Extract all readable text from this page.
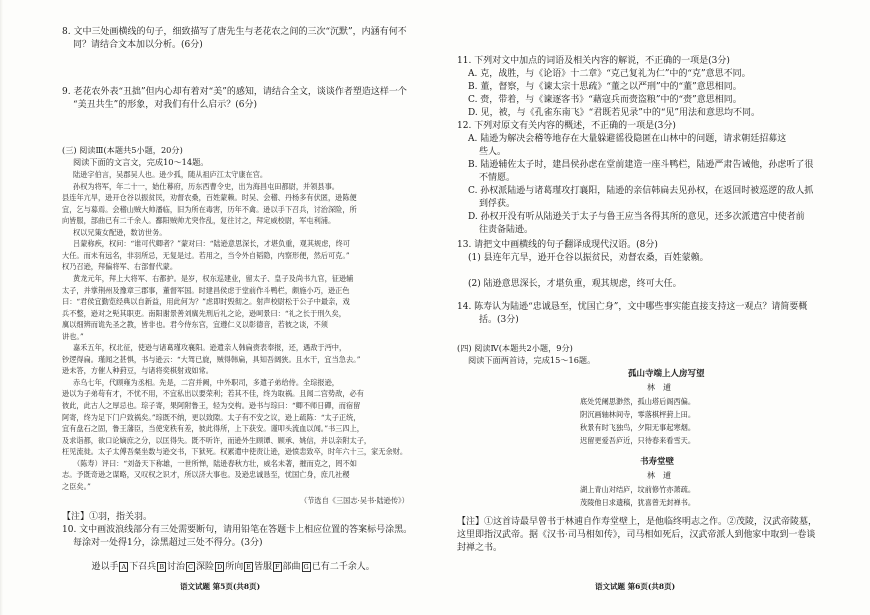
8. 文中三处画横线的句子，细致描写了唐先生与老花农之间的三次“沉默”，内涵有何不
同？请结合文本加以分析。(6分)
9. 老花农外表“丑拙”但内心却有着对“美”的感知，请结合全文，谈谈作者塑造这样一个
“美丑共生”的形象，对我们有什么启示？(6分)
(三) 阅读Ⅲ(本题共5小题，20分)
阅读下面的文言文，完成10～14题。
陆逊字伯言，吴郡吴人也。逊少孤，随从祖庐江太守康在官。
孙权为将军，年二十一，始仕幕府，历东西曹令史，出为海昌屯田都尉，并领县事。
县连年亢旱，逊开仓谷以振贫民，劝督农桑，百姓蒙赖。时吴、会稽、丹杨多有伏匿，逊陈便
宜，乞与募焉。会稽山贼大帅潘临，旧为所在毒害，历年不禽。逊以手下召兵，讨治深险，所
向皆服，部曲已有二千余人。鄱阳贼帅尤突作乱，复往讨之，拜定威校尉，军屯利浦。
权以兄策女配逊，数访世务。
吕蒙称疾，权问：“谁可代卿者？”蒙对曰：“陆逊意思深长，才堪负重，观其规虑，终可
大任。而未有远名，非羽所忌，无复是过。若用之，当令外自韬隐，内察形便，然后可克。”
权乃召逊，拜偏将军、右部督代蒙。
黄龙元年，拜上大将军、右都护。是岁，权东巡建业，留太子、皇子及尚书九官，征逊辅
太子，并掌荆州及豫章三郡事，董督军国。时建昌侯虑于堂前作斗鸭栏，颇施小巧，逊正色
曰：“君侯宜勤览经典以自新益，用此何为？”虑即时毁彻之。射声校尉松于公子中最亲，戏
兵不整，逊对之髡其职吏。南阳谢景善刘廙先刑后礼之论，逊呵景曰：“礼之长于刑久矣，
廙以细辨而诡先圣之教，皆非也。君今侍东宫，宜遵仁义以彰德音，若彼之谈，不须
讲也。”
嘉禾五年，权北征，使逊与诸葛瑾攻襄阳。逊遣亲人韩扁赍表奉报，还，遇敌于沔中，
钞逻得扁。瑾闻之甚惧，书与逊云：“大驾已旋，贼得韩扁，具知吾阔狭。且水干，宜当急去。”
逊未答，方催人种葑豆，与诸将奕棋射戏如常。
赤乌七年，代顾雍为丞相。先是，二宫并阙，中外职司，多遣子弟给侍。全琮报逊，
逊以为子弟苟有才，不忧不用，不宜私出以要荣利；若其不佳，终为取祸。且闻二宫势敌，必有
彼此，此古人之厚忌也。琮子寄，果阿附鲁王，轻为交构。逊书与琮曰：“卿不师日磾，而宿留
阿寄，终为足下门户致祸矣。”琮既不纳，更以致隙。太子有不安之议，逊上疏陈：“太子正统，
宜有盘石之固，鲁王藩臣，当使宠秩有差，彼此得所，上下获安。谨叩头流血以闻。”书三四上，
及求诣都，欲口论嫡庶之分，以匡得失。既不听许，而逊外生顾谭、顾承、姚信，并以亲附太子，
枉见流徙。太子太傅吾粲坐数与逊交书，下狱死。权累遣中使责让逊，逊愤恚致卒，时年六十三，家无余财。
（陈寿）评曰：“刘备天下称雄，一世所惮，陆逊春秋方壮，威名未著，摧而克之，罔不如
志。予既奇逊之谋略，又叹权之识才，所以济大事也。及逊忠诚恳至，忧国亡身，庶几社稷
之臣矣。”
（节选自《三国志·吴书·陆逊传》）
【注】①羽，指关羽。
10. 文中画波浪线部分有三处需要断句，请用铅笔在答题卡上相应位置的答案标号涂黑。
每涂对一处得1分，涂黑超过三处不得分。(3分)

逊以手 A 下召兵 B 讨治 C 深险 D 所向 E 皆服 F 部曲 G 已有二千余人。

语文试题 第5页(共8页)
11. 下列对文中加点的词语及相关内容的解说，不正确的一项是(3分)
A. 克，战胜，与《论语》十二章》“克己复礼为仁”中的“克”意思不同。
B. 董，督察，与《谏太宗十思疏》“董之以严刑”中的“董”意思相同。
C. 赍，带着，与《谏逐客书》“藉寇兵而赍盗粮”中的“赍”意思相同。
D. 见，被，与《孔雀东南飞》“君既若见录”中的“见”用法和意思均不同。
12. 下列对原文有关内容的概述，不正确的一项是(3分)
A. 陆逊为解决会稽等地存在大量躲避徭役隐匿在山林中的问题，请求朝廷招募这
些人。
B. 陆逊辅佐太子时，建昌侯孙虑在堂前建造一座斗鸭栏，陆逊严肃告诫他，孙虑听了很
不情愿。
C. 孙权派陆逊与诸葛瑾攻打襄阳，陆逊的亲信韩扁去见孙权，在返回时被巡逻的敌人抓
到俘获。
D. 孙权开没有听从陆逊关于太子与鲁王应当各得其所的意见，还多次派遣宫中使者前
往责备陆逊。
13. 请把文中画横线的句子翻译成现代汉语。(8分)
(1) 县连年亢旱，逊开仓谷以振贫民，劝督农桑，百姓蒙赖。
(2) 陆逊意思深长，才堪负重，观其规虑，终可大任。
14. 陈寿认为陆逊“忠诚恳至，忧国亡身”，文中哪些事实能直接支持这一观点？请简要概
括。(3分)
(四) 阅读Ⅳ(本题共2小题，9分)
阅读下面两首诗，完成15～16题。
孤山寺端上人房写望
林　逋
底处凭阑思渺然，孤山塔后阁西偏。
阴沉画轴林间寺，零落棋枰葑上田。
秋景有时飞独鸟，夕阳无事起寒烟。
迟留更爱吾庐近，只待春来看雪天。
书寿堂壁
林　逋
湖上青山对结庐，坟前修竹亦萧疏。
茂陵他日求遗稿，犹喜曾无封禅书。
【注】①这首诗最早曾书于林逋自作寿堂壁上，是他临终明志之作。②茂陵，汉武帝陵墓，
这里即指汉武帝。据《汉书·司马相如传》，司马相如死后，汉武帝派人到他家中取到一卷谈
封禅之书。
语文试题 第6页(共8页)
